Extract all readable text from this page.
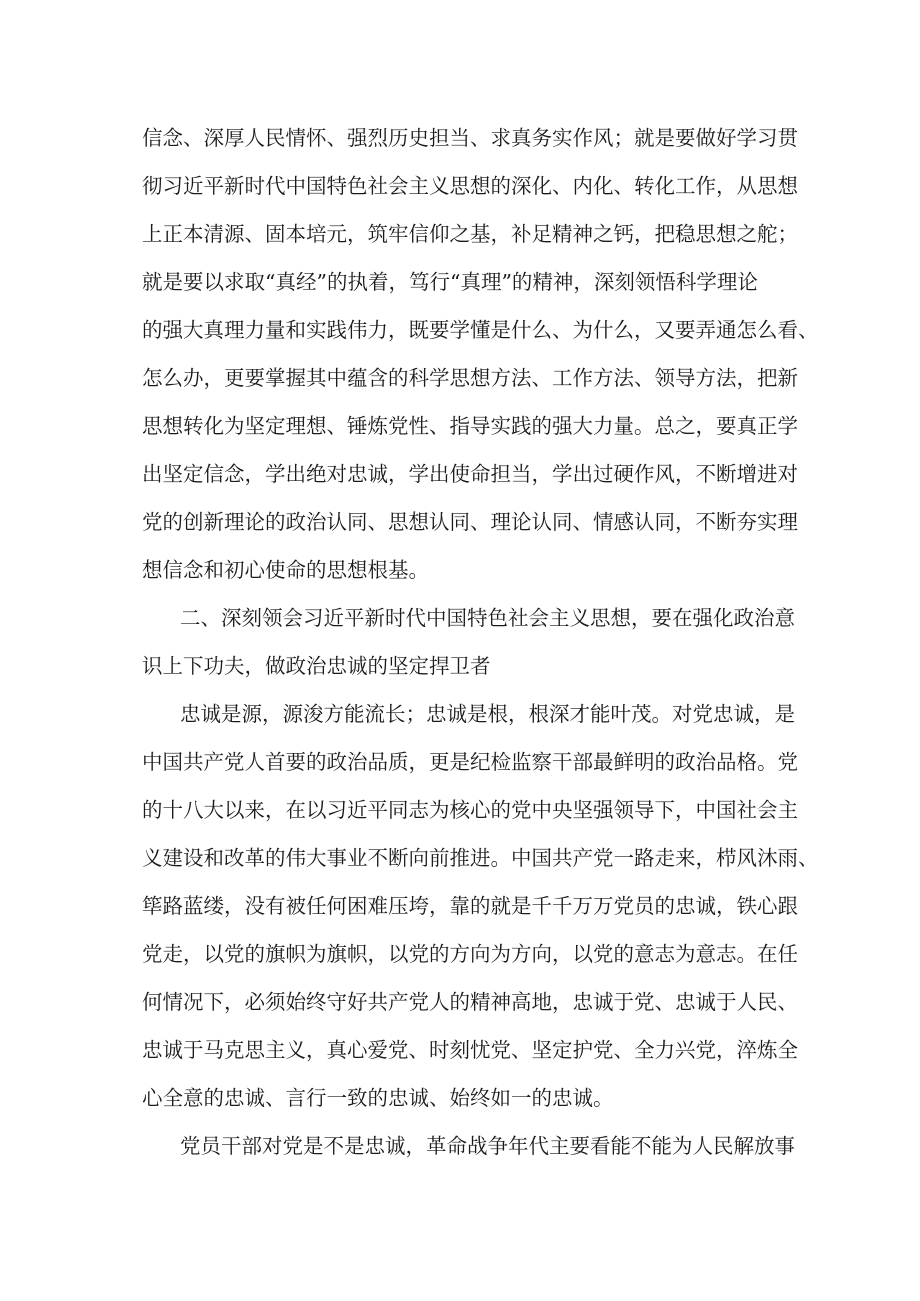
信念、深厚人民情怀、强烈历史担当、求真务实作风；就是要做好学习贯
彻习近平新时代中国特色社会主义思想的深化、内化、转化工作，从思想
上正本清源、固本培元，筑牢信仰之基，补足精神之钙，把稳思想之舵；
就是要以求取“真经”的执着，笃行“真理”的精神，深刻领悟科学理论
的强大真理力量和实践伟力，既要学懂是什么、为什么，又要弄通怎么看、
怎么办，更要掌握其中蕴含的科学思想方法、工作方法、领导方法，把新
思想转化为坚定理想、锤炼党性、指导实践的强大力量。总之，要真正学
出坚定信念，学出绝对忠诚，学出使命担当，学出过硬作风，不断增进对
党的创新理论的政治认同、思想认同、理论认同、情感认同，不断夯实理
想信念和初心使命的思想根基。
二、深刻领会习近平新时代中国特色社会主义思想，要在强化政治意
识上下功夫，做政治忠诚的坚定捍卫者
忠诚是源，源浚方能流长；忠诚是根，根深才能叶茂。对党忠诚，是
中国共产党人首要的政治品质，更是纪检监察干部最鲜明的政治品格。党
的十八大以来，在以习近平同志为核心的党中央坚强领导下，中国社会主
义建设和改革的伟大事业不断向前推进。中国共产党一路走来，栉风沐雨、
筚路蓝缕，没有被任何困难压垮，靠的就是千千万万党员的忠诚，铁心跟
党走，以党的旗帜为旗帜，以党的方向为方向，以党的意志为意志。在任
何情况下，必须始终守好共产党人的精神高地，忠诚于党、忠诚于人民、
忠诚于马克思主义，真心爱党、时刻忧党、坚定护党、全力兴党，淬炼全
心全意的忠诚、言行一致的忠诚、始终如一的忠诚。
党员干部对党是不是忠诚，革命战争年代主要看能不能为人民解放事
